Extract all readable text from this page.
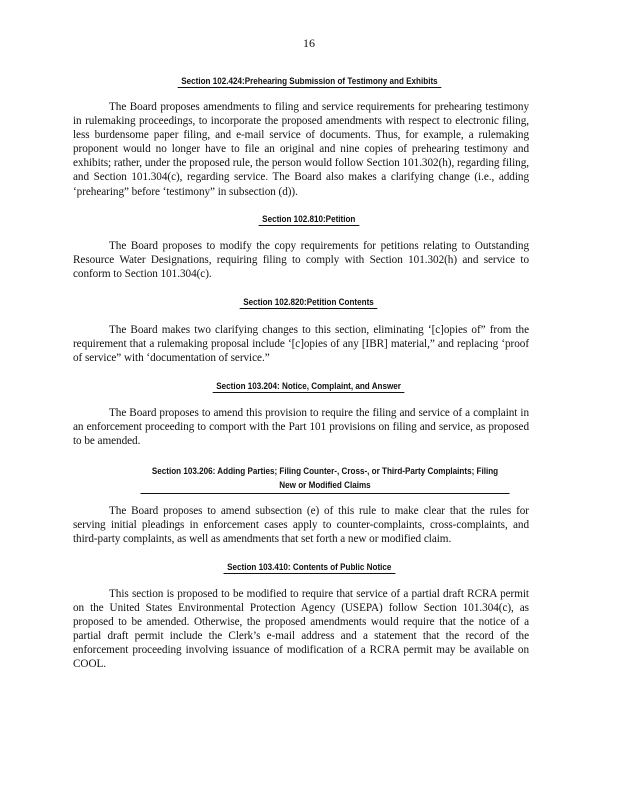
16
Section 102.424:Prehearing Submission of Testimony and Exhibits
The Board proposes amendments to filing and service requirements for prehearing testimony in rulemaking proceedings, to incorporate the proposed amendments with respect to electronic filing, less burdensome paper filing, and e-mail service of documents. Thus, for example, a rulemaking proponent would no longer have to file an original and nine copies of prehearing testimony and exhibits; rather, under the proposed rule, the person would follow Section 101.302(h), regarding filing, and Section 101.304(c), regarding service. The Board also makes a clarifying change (i.e., adding ‘prehearing” before ‘testimony” in subsection (d)).
Section 102.810:Petition
The Board proposes to modify the copy requirements for petitions relating to Outstanding Resource Water Designations, requiring filing to comply with Section 101.302(h) and service to conform to Section 101.304(c).
Section 102.820:Petition Contents
The Board makes two clarifying changes to this section, eliminating ‘[c]opies of” from the requirement that a rulemaking proposal include ‘[c]opies of any [IBR] material,” and replacing ‘proof of service” with ‘documentation of service.”
Section 103.204: Notice, Complaint, and Answer
The Board proposes to amend this provision to require the filing and service of a complaint in an enforcement proceeding to comport with the Part 101 provisions on filing and service, as proposed to be amended.
Section 103.206: Adding Parties; Filing Counter-, Cross-, or Third-Party Complaints; Filing New or Modified Claims
The Board proposes to amend subsection (e) of this rule to make clear that the rules for serving initial pleadings in enforcement cases apply to counter-complaints, cross-complaints, and third-party complaints, as well as amendments that set forth a new or modified claim.
Section 103.410: Contents of Public Notice
This section is proposed to be modified to require that service of a partial draft RCRA permit on the United States Environmental Protection Agency (USEPA) follow Section 101.304(c), as proposed to be amended. Otherwise, the proposed amendments would require that the notice of a partial draft permit include the Clerk’s e-mail address and a statement that the record of the enforcement proceeding involving issuance of modification of a RCRA permit may be available on COOL.
